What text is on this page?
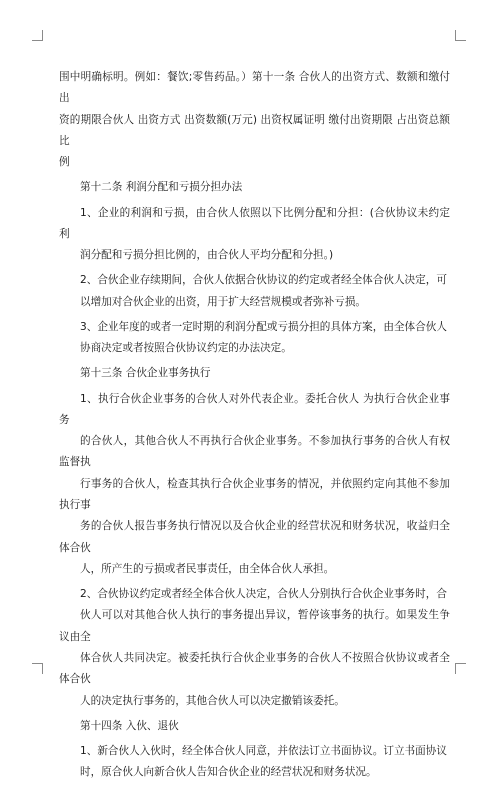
围中明确标明。例如：餐饮;零售药品。）第十一条 合伙人的出资方式、数额和缴付出
资的期限合伙人 出资方式 出资数额(万元) 出资权属证明 缴付出资期限 占出资总额比
例

第十二条 利润分配和亏损分担办法

1、企业的利润和亏损，由合伙人依照以下比例分配和分担：(合伙协议未约定利
润分配和亏损分担比例的，由合伙人平均分配和分担。)

2、合伙企业存续期间，合伙人依据合伙协议的约定或者经全体合伙人决定，可
以增加对合伙企业的出资，用于扩大经营规模或者弥补亏损。

3、企业年度的或者一定时期的利润分配或亏损分担的具体方案，由全体合伙人
协商决定或者按照合伙协议约定的办法决定。

第十三条 合伙企业事务执行

1、执行合伙企业事务的合伙人对外代表企业。委托合伙人 为执行合伙企业事务
的合伙人，其他合伙人不再执行合伙企业事务。不参加执行事务的合伙人有权监督执
行事务的合伙人，检查其执行合伙企业事务的情况，并依照约定向其他不参加执行事
务的合伙人报告事务执行情况以及合伙企业的经营状况和财务状况，收益归全体合伙
人，所产生的亏损或者民事责任，由全体合伙人承担。

2、合伙协议约定或者经全体合伙人决定，合伙人分别执行合伙企业事务时，合
伙人可以对其他合伙人执行的事务提出异议，暂停该事务的执行。如果发生争议由全
体合伙人共同决定。被委托执行合伙企业事务的合伙人不按照合伙协议或者全体合伙
人的决定执行事务的，其他合伙人可以决定撤销该委托。

第十四条 入伙、退伙

1、新合伙人入伙时，经全体合伙人同意，并依法订立书面协议。订立书面协议
时，原合伙人向新合伙人告知合伙企业的经营状况和财务状况。
